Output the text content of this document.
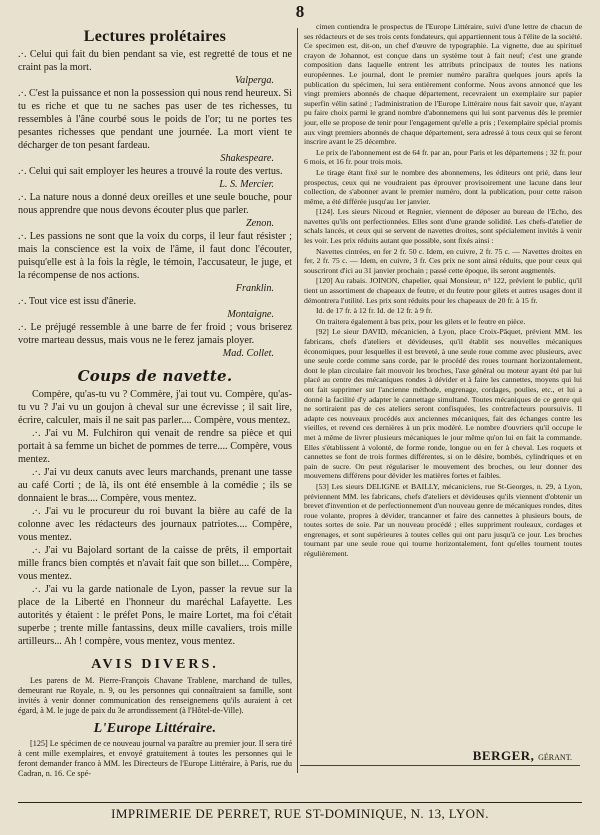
8
Lectures prolétaires
.·. Celui qui fait du bien pendant sa vie, est regretté de tous et ne craint pas la mort.
Valperga.
.·. C'est la puissance et non la possession qui nous rend heureux. Si tu es riche et que tu ne saches pas user de tes richesses, tu ressembles à l'âne courbé sous le poids de l'or; tu ne portes tes pesantes richesses que pendant une journée. La mort vient te décharger de ton pesant fardeau.
Shakespeare.
.·. Celui qui sait employer les heures a trouvé la route des vertus.
L. S. Mercier.
.·. La nature nous a donné deux oreilles et une seule bouche, pour nous apprendre que nous devons écouter plus que parler.
Zenon.
.·. Les passions ne sont que la voix du corps, il leur faut résister ; mais la conscience est la voix de l'âme, il faut donc l'écouter, puisqu'elle est à la fois la règle, le témoin, l'accusateur, le juge, et la récompense de nos actions.
Franklin.
.·. Tout vice est issu d'ânerie.
Montaigne.
.·. Le préjugé ressemble à une barre de fer froid ; vous briserez votre marteau dessus, mais vous ne le ferez jamais ployer.
Mad. Collet.
Coups de navette.

Compère, qu'as-tu vu ? Commère, j'ai tout vu. Compère, qu'as-tu vu ? J'ai vu un goujon à cheval sur une écrevisse ; il sait lire, écrire, calculer, mais il ne sait pas parler.... Compère, vous mentez.

.·. J'ai vu M. Fulchiron qui venait de rendre sa pièce et qui portait à sa femme un bichet de pommes de terre.... Compère, vous mentez.

.·. J'ai vu deux canuts avec leurs marchands, prenant une tasse au café Corti ; de là, ils ont été ensemble à la comédie ; ils se donnaient le bras.... Compère, vous mentez.

.·. J'ai vu le procureur du roi buvant la bière au café de la colonne avec les rédacteurs des journaux patriotes.... Compère, vous mentez.

.·. J'ai vu Bajolard sortant de la caisse de prêts, il emportait mille francs bien comptés et n'avait fait que son billet.... Compère, vous mentez.

.·. J'ai vu la garde nationale de Lyon, passer la revue sur la place de la Liberté en l'honneur du maréchal Lafayette. Les autorités y étaient : le préfet Pons, le maire Lortet, ma foi c'était superbe ; trente mille fantassins, deux mille cavaliers, trois mille artilleurs... Ah ! compère, vous mentez, vous mentez.

AVIS DIVERS.

Les parens de M. Pierre-François Chavane Trablene, marchand de tulles, demeurant rue Royale, n. 9, ou les personnes qui connaîtraient sa famille, sont invités à venir donner communication des renseignemens qu'ils auraient à cet égard, à M. le juge de paix du 3e arrondissement (à l'Hôtel-de-Ville).

L'Europe Littéraire.

[125] Le spécimen de ce nouveau journal va paraître au premier jour. Il sera tiré à cent mille exemplaires, et envoyé gratuitement à toutes les personnes qui le feront demander franco à MM. les Directeurs de l'Europe Littéraire, à Paris, rue du Cadran, n. 16. Ce spé-

cimen contiendra le prospectus de l'Europe Littéraire, suivi d'une lettre de chacun de ses rédacteurs et de ses trois cents fondateurs, qui appartiennent tous à l'élite de la société. Ce specimen est, dit-on, un chef d'œuvre de typographie. La vignette, due au spirituel crayon de Johannot, est conçue dans un système tout à fait neuf; c'est une grande composition dans laquelle entrent les attributs principaux de toutes les nations européennes. Le journal, dont le premier numéro paraîtra quelques jours après la publication du spécimen, lui sera entièrement conforme. Nous avons annoncé que les vingt premiers abonnés de chaque département, recevraient un exemplaire sur papier superfin vélin satiné ; l'administration de l'Europe Littéraire nous fait savoir que, n'ayant pu faire choix parmi le grand nombre d'abonnemens qui lui sont parvenus dès le premier jour, elle se propose de tenir pour l'engagement qu'elle a pris ; l'exemplaire spécial promis aux vingt premiers abonnés de chaque département, sera adressé à tous ceux qui se feront inscrire avant le 25 décembre.

Le prix de l'abonnement est de 64 fr. par an, pour Paris et les départemens ; 32 fr. pour 6 mois, et 16 fr. pour trois mois.

Le tirage étant fixé sur le nombre des abonnemens, les éditeurs ont prié, dans leur prospectus, ceux qui ne voudraient pas éprouver provisoirement une lacune dans leur collection, de s'abonner avant le premier numéro, dont la publication, pour cette raison même, a été différée jusqu'au 1er janvier.

[124]. Les sieurs Nicoud et Regnier, viennent de déposer au bureau de l'Echo, des navettes qu'ils ont perfectionnées. Elles sont d'une grande solidité. Les chefs-d'atelier de schals lancés, et ceux qui se servent de navettes droites, sont spécialement invités à venir les voir. Les prix réduits autant que possible, sont fixés ainsi :

Navettes cintrées, en fer 2 fr. 50 c. Idem, en cuivre, 2 fr. 75 c. — Navettes droites en fer, 2 fr. 75 c. — Idem, en cuivre, 3 fr. Ces prix ne sont ainsi réduits, que pour ceux qui souscriront d'ici au 31 janvier prochain ; passé cette époque, ils seront augmentés.

[120] Au rabais. JOINON, chapelier, quai Monsieur, n° 122, prévient le public, qu'il tient un assortiment de chapeaux de feutre, et du feutre pour gilets et autres usages dont il démontrera l'utilité. Les prix sont réduits pour les chapeaux de 20 fr. à 15 fr.

Id. de 17 fr. à 12 fr. Id. de 12 fr. à 9 fr.

On traitera également à bas prix, pour les gilets et le feutre en pièce.

[92] Le sieur DAVID, mécanicien, à Lyon, place Croix-Pâquet, prévient MM. les fabricans, chefs d'ateliers et dévideuses, qu'il établit ses nouvelles mécaniques économiques, pour lesquelles il est breveté, à une seule roue comme avec plusieurs, avec une seule corde comme sans corde, par le procédé des roues tournant horizontalement, dont le plan circulaire fait mouvoir les broches, l'axe général ou moteur ayant été par lui placé au centre des mécaniques rondes à dévider et à faire les cannettes, moyens qui lui ont fait supprimer sur l'ancienne méthode, engrenage, cordages, poulies, etc., et lui a donné la facilité d'y adapter le cannettage simultané. Toutes mécaniques de ce genre qui ne sortiraient pas de ces ateliers seront confisquées, les contrefacteurs poursuivis. Il adapte ces nouveaux procédés aux anciennes mécaniques, fait des échanges contre les vieilles, et revend ces dernières à un prix modéré. Le nombre d'ouvriers qu'il occupe le met à même de livrer plusieurs mécaniques le jour même qu'on lui en fait la commande. Elles s'établissent à volonté, de forme ronde, longue ou en fer à cheval. Les roquets et cannettes se font de trois formes différentes, si on le désire, bombés, cylindriques et en pain de sucre. On peut régulariser le mouvement des broches, ou leur donner des mouvemens différens pour dévider les matières fortes et faibles.

[53] Les sieurs DELIGNE et BAILLY, mécaniciens, rue St-Georges, n. 29, à Lyon, préviennent MM. les fabricans, chefs d'ateliers et dévideuses qu'ils viennent d'obtenir un brevet d'invention et de perfectionnement d'un nouveau genre de mécaniques rondes, dites roue volante, propres à dévider, trancanner et faire des cannettes à plusieurs bouts, de toutes sortes de soie. Par un nouveau procédé ; elles suppriment rouleaux, cordages et engrenages, et sont supérieures à toutes celles qui ont paru jusqu'à ce jour. Les broches tournant par une seule roue qui tourne horizontalement, font qu'elles tournent toutes régulièrement.

BERGER, GÉRANT.
IMPRIMERIE DE PERRET, RUE ST-DOMINIQUE, N. 13, LYON.
